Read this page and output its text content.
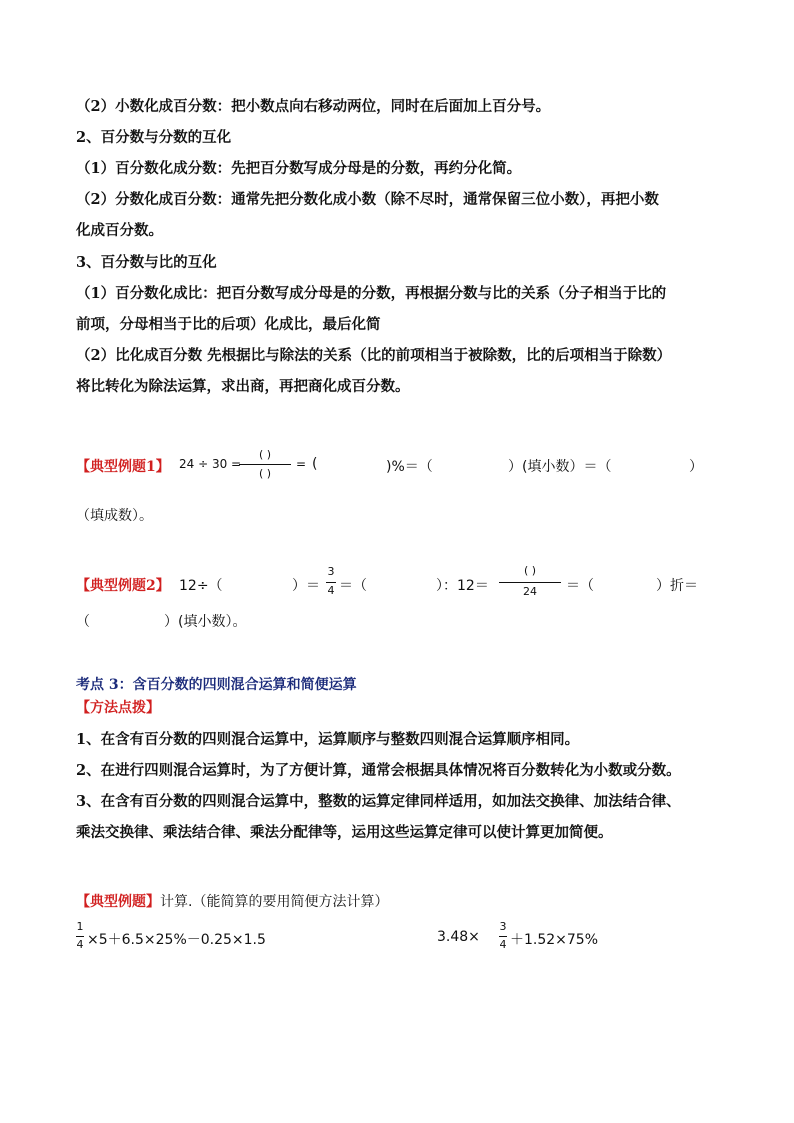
（2）小数化成百分数：把小数点向右移动两位，同时在后面加上百分号。
2、百分数与分数的互化
（1）百分数化成分数：先把百分数写成分母是的分数，再约分化简。
（2）分数化成百分数：通常先把分数化成小数（除不尽时，通常保留三位小数），再把小数
化成百分数。
3、百分数与比的互化
（1）百分数化成比：把百分数写成分母是的分数，再根据分数与比的关系（分子相当于比的
前项，分母相当于比的后项）化成比，最后化简
（2）比化成百分数 先根据比与除法的关系（比的前项相当于被除数，比的后项相当于除数）
将比转化为除法运算，求出商，再把商化成百分数。
【典型例题1】 24 ÷ 30 =
( )
( )
= (	)%＝（	）(填小数）＝（	）
（填成数）。
【典型例题2】 12÷（	）＝
3
4 ＝（	）：12＝
( )
24	＝（	）折＝
（	）(填小数）。
考点 3：含百分数的四则混合运算和简便运算
【方法点拨】
1、在含有百分数的四则混合运算中，运算顺序与整数四则混合运算顺序相同。
2、在进行四则混合运算时，为了方便计算，通常会根据具体情况将百分数转化为小数或分数。
3、在含有百分数的四则混合运算中，整数的运算定律同样适用，如加法交换律、加法结合律、
乘法交换律、乘法结合律、乘法分配律等，运用这些运算定律可以使计算更加简便。
【典型例题】计算.（能简算的要用简便方法计算）
1
4 ×5＋6.5×25%－0.25×1.5	3.48×
3
4 ＋1.52×75%
